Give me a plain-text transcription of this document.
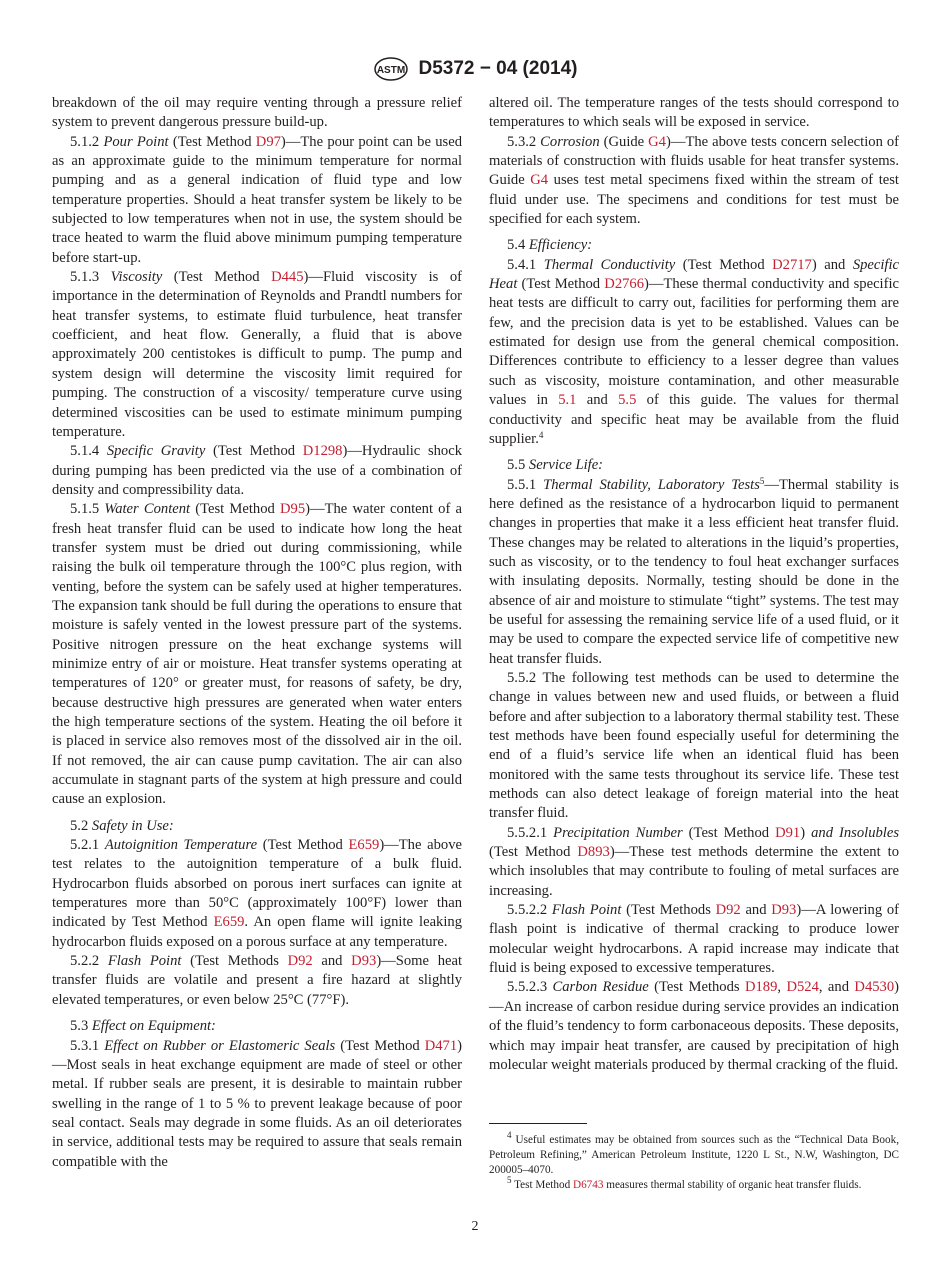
ASTM D5372 − 04 (2014)

breakdown of the oil may require venting through a pressure relief system to prevent dangerous pressure build-up.

5.1.2 Pour Point (Test Method D97)—The pour point can be used as an approximate guide to the minimum temperature for normal pumping and as a general indication of fluid type and low temperature properties. Should a heat transfer system be likely to be subjected to low temperatures when not in use, the system should be trace heated to warm the fluid above minimum pumping temperature before start-up.

5.1.3 Viscosity (Test Method D445)—Fluid viscosity is of importance in the determination of Reynolds and Prandtl numbers for heat transfer systems, to estimate fluid turbulence, heat transfer coefficient, and heat flow. Generally, a fluid that is above approximately 200 centistokes is difficult to pump. The pump and system design will determine the viscosity limit required for pumping. The construction of a viscosity/ temperature curve using determined viscosities can be used to estimate minimum pumping temperature.

5.1.4 Specific Gravity (Test Method D1298)—Hydraulic shock during pumping has been predicted via the use of a combination of density and compressibility data.

5.1.5 Water Content (Test Method D95)—The water content of a fresh heat transfer fluid can be used to indicate how long the heat transfer system must be dried out during commissioning, while raising the bulk oil temperature through the 100°C plus region, with venting, before the system can be safely used at higher temperatures. The expansion tank should be full during the operations to ensure that moisture is safely vented in the lowest pressure part of the systems. Positive nitrogen pressure on the heat exchange systems will minimize entry of air or moisture. Heat transfer systems operating at temperatures of 120° or greater must, for reasons of safety, be dry, because destructive high pressures are generated when water enters the high temperature sections of the system. Heating the oil before it is placed in service also removes most of the dissolved air in the oil. If not removed, the air can cause pump cavitation. The air can also accumulate in stagnant parts of the system at high pressure and could cause an explosion.

5.2 Safety in Use:

5.2.1 Autoignition Temperature (Test Method E659)—The above test relates to the autoignition temperature of a bulk fluid. Hydrocarbon fluids absorbed on porous inert surfaces can ignite at temperatures more than 50°C (approximately 100°F) lower than indicated by Test Method E659. An open flame will ignite leaking hydrocarbon fluids exposed on a porous surface at any temperature.

5.2.2 Flash Point (Test Methods D92 and D93)—Some heat transfer fluids are volatile and present a fire hazard at slightly elevated temperatures, or even below 25°C (77°F).

5.3 Effect on Equipment:

5.3.1 Effect on Rubber or Elastomeric Seals (Test Method D471)—Most seals in heat exchange equipment are made of steel or other metal. If rubber seals are present, it is desirable to maintain rubber swelling in the range of 1 to 5 % to prevent leakage because of poor seal contact. Seals may degrade in some fluids. As an oil deteriorates in service, additional tests may be required to assure that seals remain compatible with the

altered oil. The temperature ranges of the tests should correspond to temperatures to which seals will be exposed in service.

5.3.2 Corrosion (Guide G4)—The above tests concern selection of materials of construction with fluids usable for heat transfer systems. Guide G4 uses test metal specimens fixed within the stream of test fluid under use. The specimens and conditions for test must be specified for each system.

5.4 Efficiency:

5.4.1 Thermal Conductivity (Test Method D2717) and Specific Heat (Test Method D2766)—These thermal conductivity and specific heat tests are difficult to carry out, facilities for performing them are few, and the precision data is yet to be established. Values can be estimated for design use from the general chemical composition. Differences contribute to efficiency to a lesser degree than values such as viscosity, moisture contamination, and other measurable values in 5.1 and 5.5 of this guide. The values for thermal conductivity and specific heat may be available from the fluid supplier.$^4$

5.5 Service Life:

5.5.1 Thermal Stability, Laboratory Tests$^5$—Thermal stability is here defined as the resistance of a hydrocarbon liquid to permanent changes in properties that make it a less efficient heat transfer fluid. These changes may be related to alterations in the liquid’s properties, such as viscosity, or to the tendency to foul heat exchanger surfaces with insulating deposits. Normally, testing should be done in the absence of air and moisture to stimulate “tight” systems. The test may be useful for assessing the remaining service life of a used fluid, or it may be used to compare the expected service life of competitive new heat transfer fluids.

5.5.2 The following test methods can be used to determine the change in values between new and used fluids, or between a fluid before and after subjection to a laboratory thermal stability test. These test methods have been found especially useful for determining the end of a fluid’s service life when an identical fluid has been monitored with the same tests throughout its service life. These test methods can also detect leakage of foreign material into the heat transfer fluid.

5.5.2.1 Precipitation Number (Test Method D91) and Insolubles (Test Method D893)—These test methods determine the extent to which insolubles that may contribute to fouling of metal surfaces are increasing.

5.5.2.2 Flash Point (Test Methods D92 and D93)—A lowering of flash point is indicative of thermal cracking to produce lower molecular weight hydrocarbons. A rapid increase may indicate that fluid is being exposed to excessive temperatures.

5.5.2.3 Carbon Residue (Test Methods D189, D524, and D4530)—An increase of carbon residue during service provides an indication of the fluid’s tendency to form carbonaceous deposits. These deposits, which may impair heat transfer, are caused by precipitation of high molecular weight materials produced by thermal cracking of the fluid.

$^4$ Useful estimates may be obtained from sources such as the “Technical Data Book, Petroleum Refining,” American Petroleum Institute, 1220 L St., N.W, Washington, DC 200005–4070.

$^5$ Test Method D6743 measures thermal stability of organic heat transfer fluids.

2
